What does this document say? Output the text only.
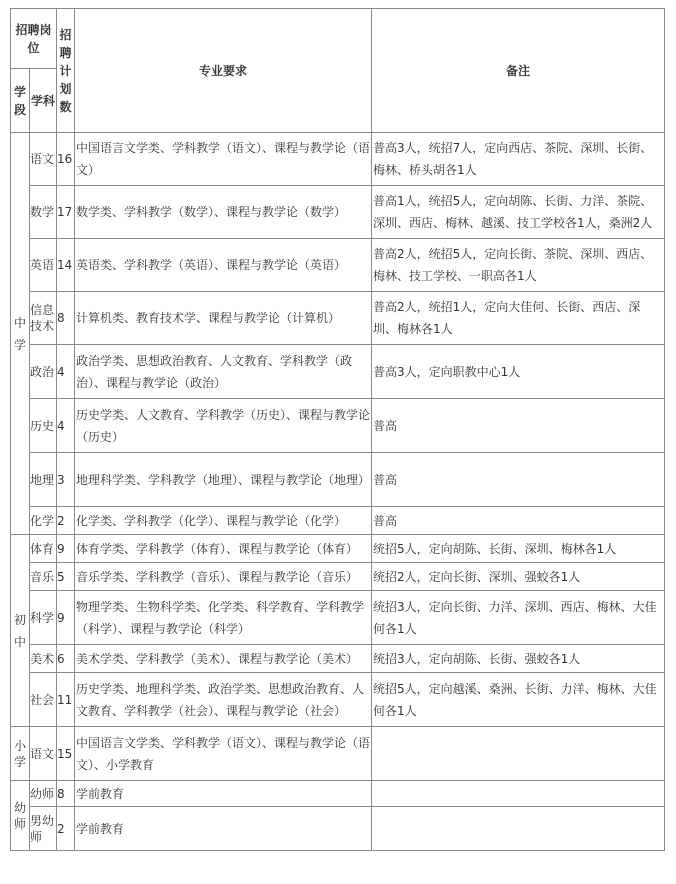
招聘岗位		招聘计划数	专业要求	备注
学段	学科			
中学	语文	16	中国语言文学类、学科教学（语文）、课程与教学论（语文）	普高3人，统招7人，定向西店、茶院、深圳、长街、梅林、桥头胡各1人
	数学	17	数学类、学科教学（数学）、课程与教学论（数学）	普高1人，统招5人，定向胡陈、长街、力洋、茶院、深圳、西店、梅林、越溪、技工学校各1人，桑洲2人
	英语	14	英语类、学科教学（英语）、课程与教学论（英语）	普高2人，统招5人，定向长街、茶院、深圳、西店、梅林、技工学校、一职高各1人
	信息技术	8	计算机类、教育技术学、课程与教学论（计算机）	普高2人，统招1人，定向大佳何、长街、西店、深圳、梅林各1人
	政治	4	政治学类、思想政治教育、人文教育、学科教学（政治）、课程与教学论（政治）	普高3人，定向职教中心1人
	历史	4	历史学类、人文教育、学科教学（历史）、课程与教学论（历史）	普高
	地理	3	地理科学类、学科教学（地理）、课程与教学论（地理）	普高
	化学	2	化学类、学科教学（化学）、课程与教学论（化学）	普高
初中	体育	9	体育学类、学科教学（体育）、课程与教学论（体育）	统招5人，定向胡陈、长街、深圳、梅林各1人
	音乐	5	音乐学类、学科教学（音乐）、课程与教学论（音乐）	统招2人，定向长街、深圳、强蛟各1人
	科学	9	物理学类、生物科学类、化学类、科学教育、学科教学（科学）、课程与教学论（科学）	统招3人，定向长街、力洋、深圳、西店、梅林、大佳何各1人
	美术	6	美术学类、学科教学（美术）、课程与教学论（美术）	统招3人，定向胡陈、长街、强蛟各1人
	社会	11	历史学类、地理科学类、政治学类、思想政治教育、人文教育、学科教学（社会）、课程与教学论（社会）	统招5人，定向越溪、桑洲、长街、力洋、梅林、大佳何各1人
小学	语文	15	中国语言文学类、学科教学（语文）、课程与教学论（语文）、小学教育	
幼师	幼师	8	学前教育	
	男幼师	2	学前教育	
